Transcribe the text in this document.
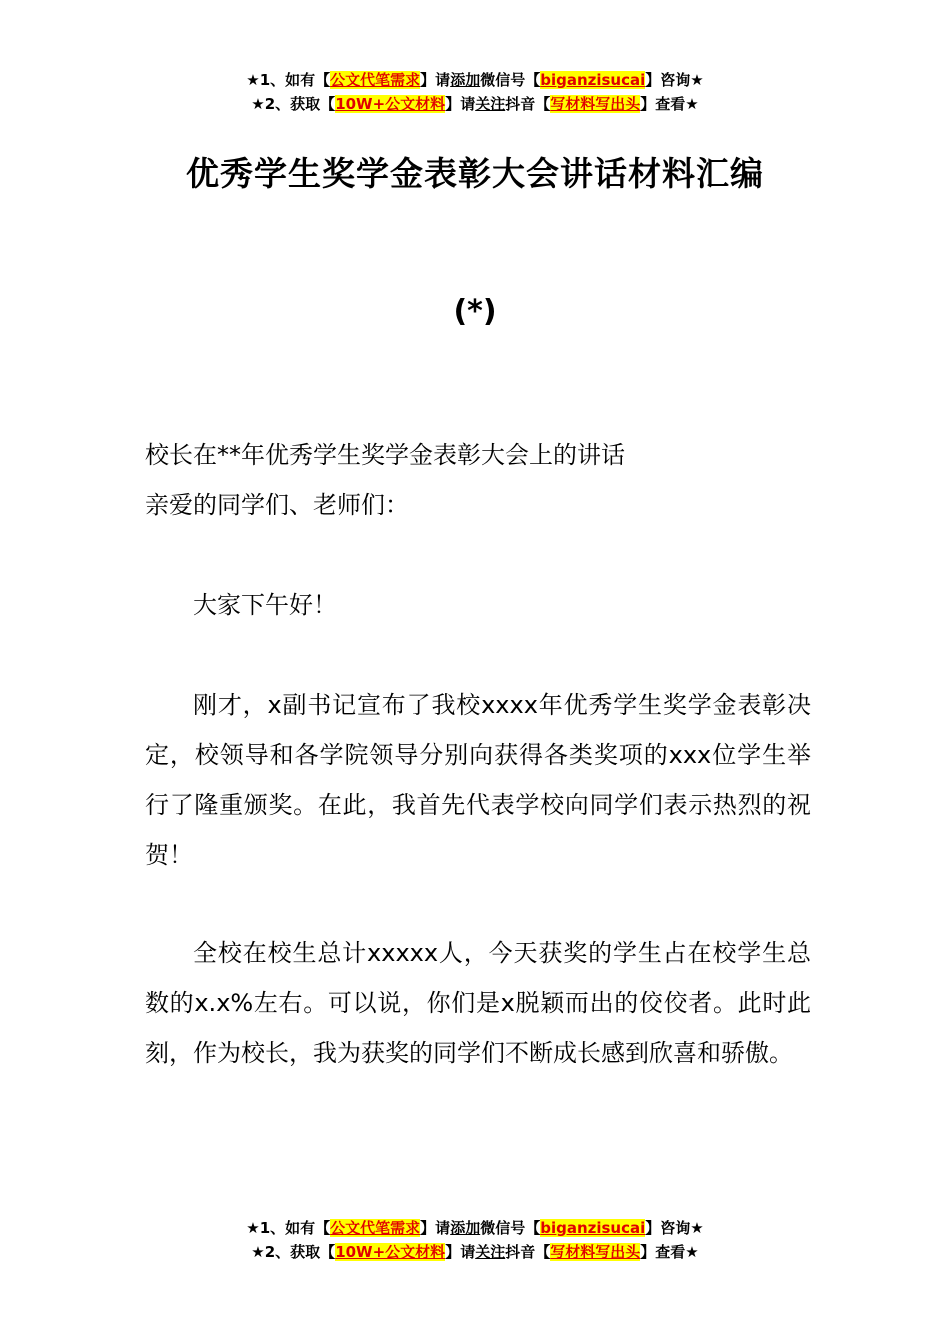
★1、如有【公文代笔需求】请添加微信号【biganzisucai】咨询★
★2、获取【10W+公文材料】请关注抖音【写材料写出头】查看★
优秀学生奖学金表彰大会讲话材料汇编
(*)
校长在**年优秀学生奖学金表彰大会上的讲话
亲爱的同学们、老师们：
大家下午好！
刚才，x副书记宣布了我校xxxx年优秀学生奖学金表彰决定，校领导和各学院领导分别向获得各类奖项的xxx位学生举行了隆重颁奖。在此，我首先代表学校向同学们表示热烈的祝贺！
全校在校生总计xxxxx人，今天获奖的学生占在校学生总数的x.x%左右。可以说，你们是x脱颖而出的佼佼者。此时此刻，作为校长，我为获奖的同学们不断成长感到欣喜和骄傲。
★1、如有【公文代笔需求】请添加微信号【biganzisucai】咨询★
★2、获取【10W+公文材料】请关注抖音【写材料写出头】查看★
